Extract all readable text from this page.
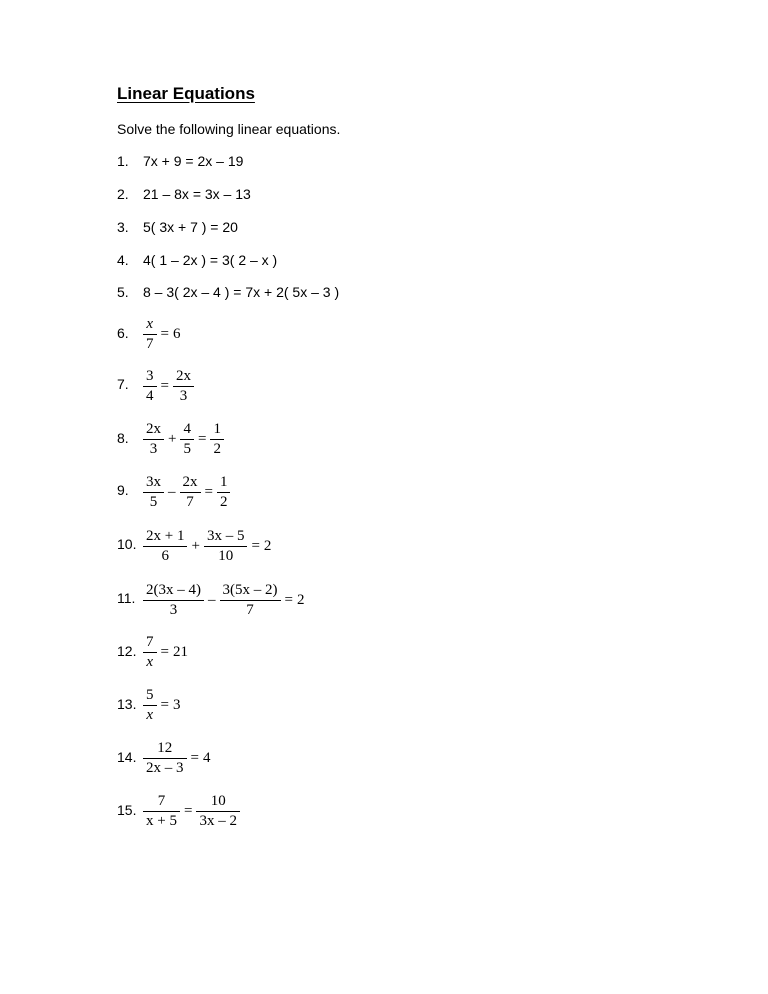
Linear Equations

Solve the following linear equations.

1. 7x + 9 = 2x – 19
2. 21 – 8x = 3x – 13
3. 5( 3x + 7 ) = 20
4. 4( 1 – 2x ) = 3( 2 – x )
5. 8 – 3( 2x – 4 ) = 7x + 2( 5x – 3 )
6. $\frac{x}{7} = 6$
7. $\frac{3}{4} = \frac{2x}{3}$
8. $\frac{2x}{3} + \frac{4}{5} = \frac{1}{2}$
9. $\frac{3x}{5} - \frac{2x}{7} = \frac{1}{2}$
10. $\frac{2x + 1}{6} + \frac{3x - 5}{10} = 2$
11. $\frac{2(3x - 4)}{3} - \frac{3(5x - 2)}{7} = 2$
12. $\frac{7}{x} = 21$
13. $\frac{5}{x} = 3$
14. $\frac{12}{2x - 3} = 4$
15. $\frac{7}{x + 5} = \frac{10}{3x - 2}$
